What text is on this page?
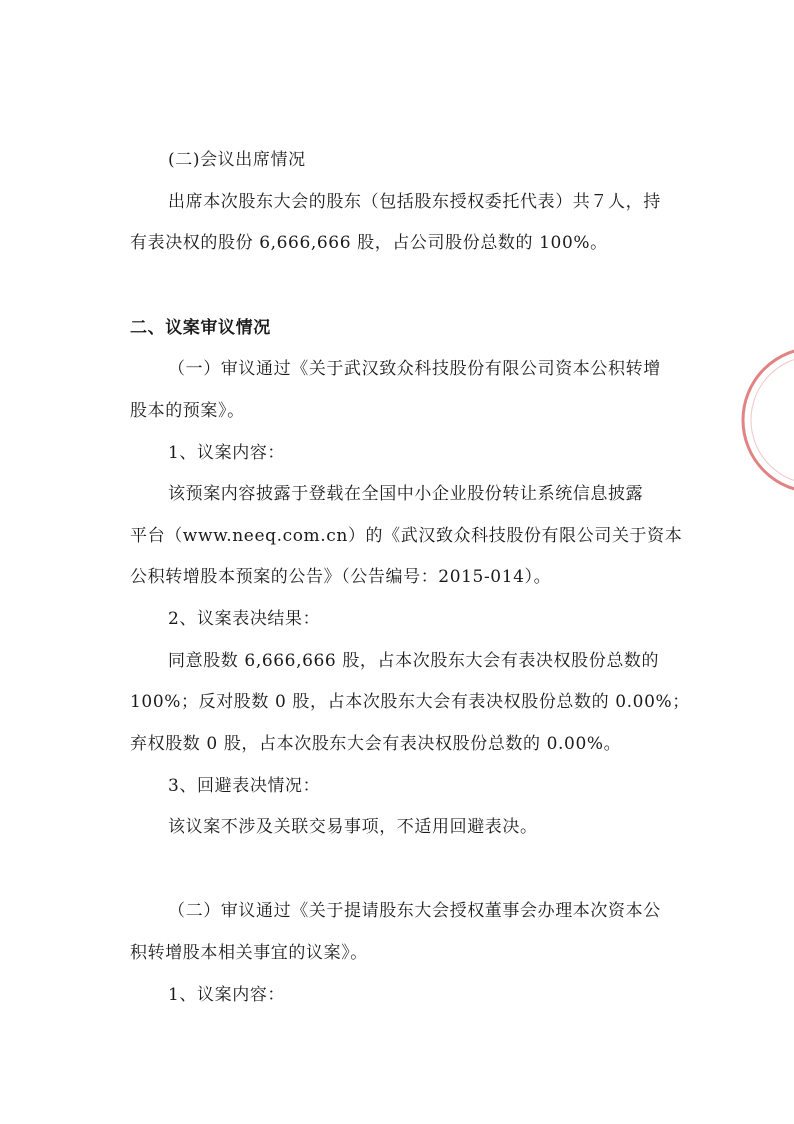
(二)会议出席情况
出席本次股东大会的股东（包括股东授权委托代表）共７人，持
有表决权的股份 6,666,666 股，占公司股份总数的 100%。
二、议案审议情况
（一）审议通过《关于武汉致众科技股份有限公司资本公积转增
股本的预案》。
1、议案内容：
该预案内容披露于登载在全国中小企业股份转让系统信息披露
平台（www.neeq.com.cn）的《武汉致众科技股份有限公司关于资本
公积转增股本预案的公告》（公告编号：2015-014）。
2、议案表决结果：
同意股数 6,666,666 股，占本次股东大会有表决权股份总数的
100%；反对股数 0 股，占本次股东大会有表决权股份总数的 0.00%；
弃权股数 0 股，占本次股东大会有表决权股份总数的 0.00%。
3、回避表决情况：
该议案不涉及关联交易事项，不适用回避表决。
（二）审议通过《关于提请股东大会授权董事会办理本次资本公
积转增股本相关事宜的议案》。
1、议案内容：
